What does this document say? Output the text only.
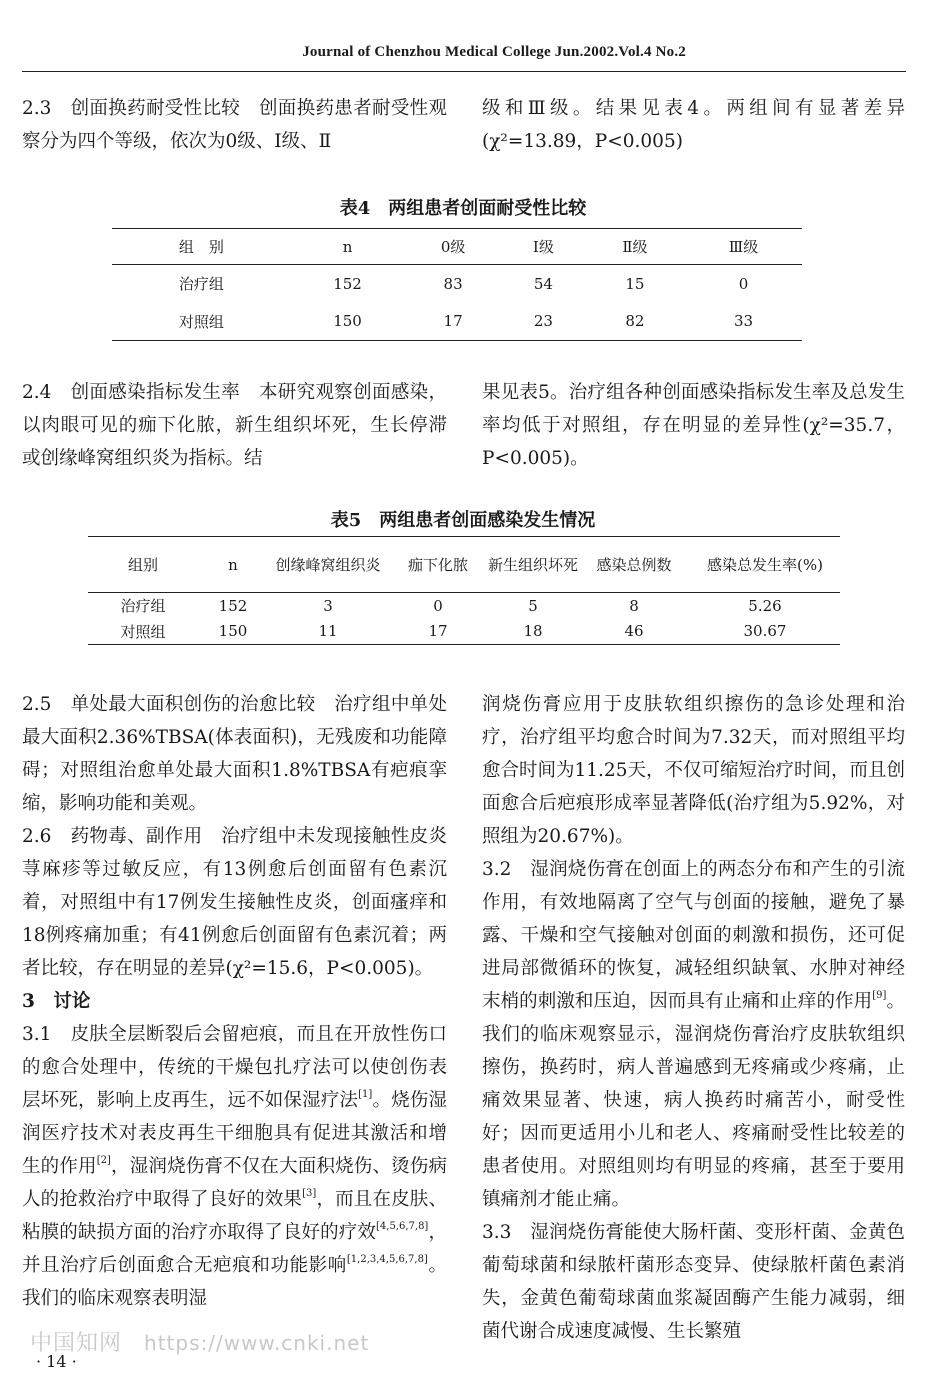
Journal of Chenzhou Medical College Jun.2002.Vol.4 No.2

2.3　创面换药耐受性比较　创面换药患者耐受性观察分为四个等级，依次为0级、Ⅰ级、Ⅱ

级和Ⅲ级。结果见表4。两组间有显著差异(χ²=13.89，P<0.005)

表4　两组患者创面耐受性比较
组　别	n	0级	Ⅰ级	Ⅱ级	Ⅲ级
治疗组	152	83	54	15	0
对照组	150	17	23	82	33

2.4　创面感染指标发生率　本研究观察创面感染，以肉眼可见的痂下化脓，新生组织坏死，生长停滞或创缘峰窝组织炎为指标。结

果见表5。治疗组各种创面感染指标发生率及总发生率均低于对照组，存在明显的差异性(χ²=35.7，P<0.005)。

表5　两组患者创面感染发生情况
组别	n	创缘峰窝组织炎	痂下化脓	新生组织坏死	感染总例数	感染总发生率(%)
治疗组	152	3	0	5	8	5.26
对照组	150	11	17	18	46	30.67

2.5　单处最大面积创伤的治愈比较　治疗组中单处最大面积2.36%TBSA(体表面积)，无残废和功能障碍；对照组治愈单处最大面积1.8%TBSA有疤痕挛缩，影响功能和美观。

2.6　药物毒、副作用　治疗组中未发现接触性皮炎荨麻疹等过敏反应，有13例愈后创面留有色素沉着，对照组中有17例发生接触性皮炎，创面瘙痒和18例疼痛加重；有41例愈后创面留有色素沉着；两者比较，存在明显的差异(χ²=15.6，P<0.005)。

3　讨论

3.1　皮肤全层断裂后会留疤痕，而且在开放性伤口的愈合处理中，传统的干燥包扎疗法可以使创伤表层坏死，影响上皮再生，远不如保湿疗法[1]。烧伤湿润医疗技术对表皮再生干细胞具有促进其激活和增生的作用[2]，湿润烧伤膏不仅在大面积烧伤、烫伤病人的抢救治疗中取得了良好的效果[3]，而且在皮肤、粘膜的缺损方面的治疗亦取得了良好的疗效[4,5,6,7,8]，并且治疗后创面愈合无疤痕和功能影响[1,2,3,4,5,6,7,8]。我们的临床观察表明湿

润烧伤膏应用于皮肤软组织擦伤的急诊处理和治疗，治疗组平均愈合时间为7.32天，而对照组平均愈合时间为11.25天，不仅可缩短治疗时间，而且创面愈合后疤痕形成率显著降低(治疗组为5.92%，对照组为20.67%)。

3.2　湿润烧伤膏在创面上的两态分布和产生的引流作用，有效地隔离了空气与创面的接触，避免了暴露、干燥和空气接触对创面的刺激和损伤，还可促进局部微循环的恢复，减轻组织缺氧、水肿对神经末梢的刺激和压迫，因而具有止痛和止痒的作用[9]。我们的临床观察显示，湿润烧伤膏治疗皮肤软组织擦伤，换药时，病人普遍感到无疼痛或少疼痛，止痛效果显著、快速，病人换药时痛苦小，耐受性好；因而更适用小儿和老人、疼痛耐受性比较差的患者使用。对照组则均有明显的疼痛，甚至于要用镇痛剂才能止痛。

3.3　湿润烧伤膏能使大肠杆菌、变形杆菌、金黄色葡萄球菌和绿脓杆菌形态变异、使绿脓杆菌色素消失，金黄色葡萄球菌血浆凝固酶产生能力减弱，细菌代谢合成速度减慢、生长繁殖

中国知网 https://www.cnki.net
· 14 ·
